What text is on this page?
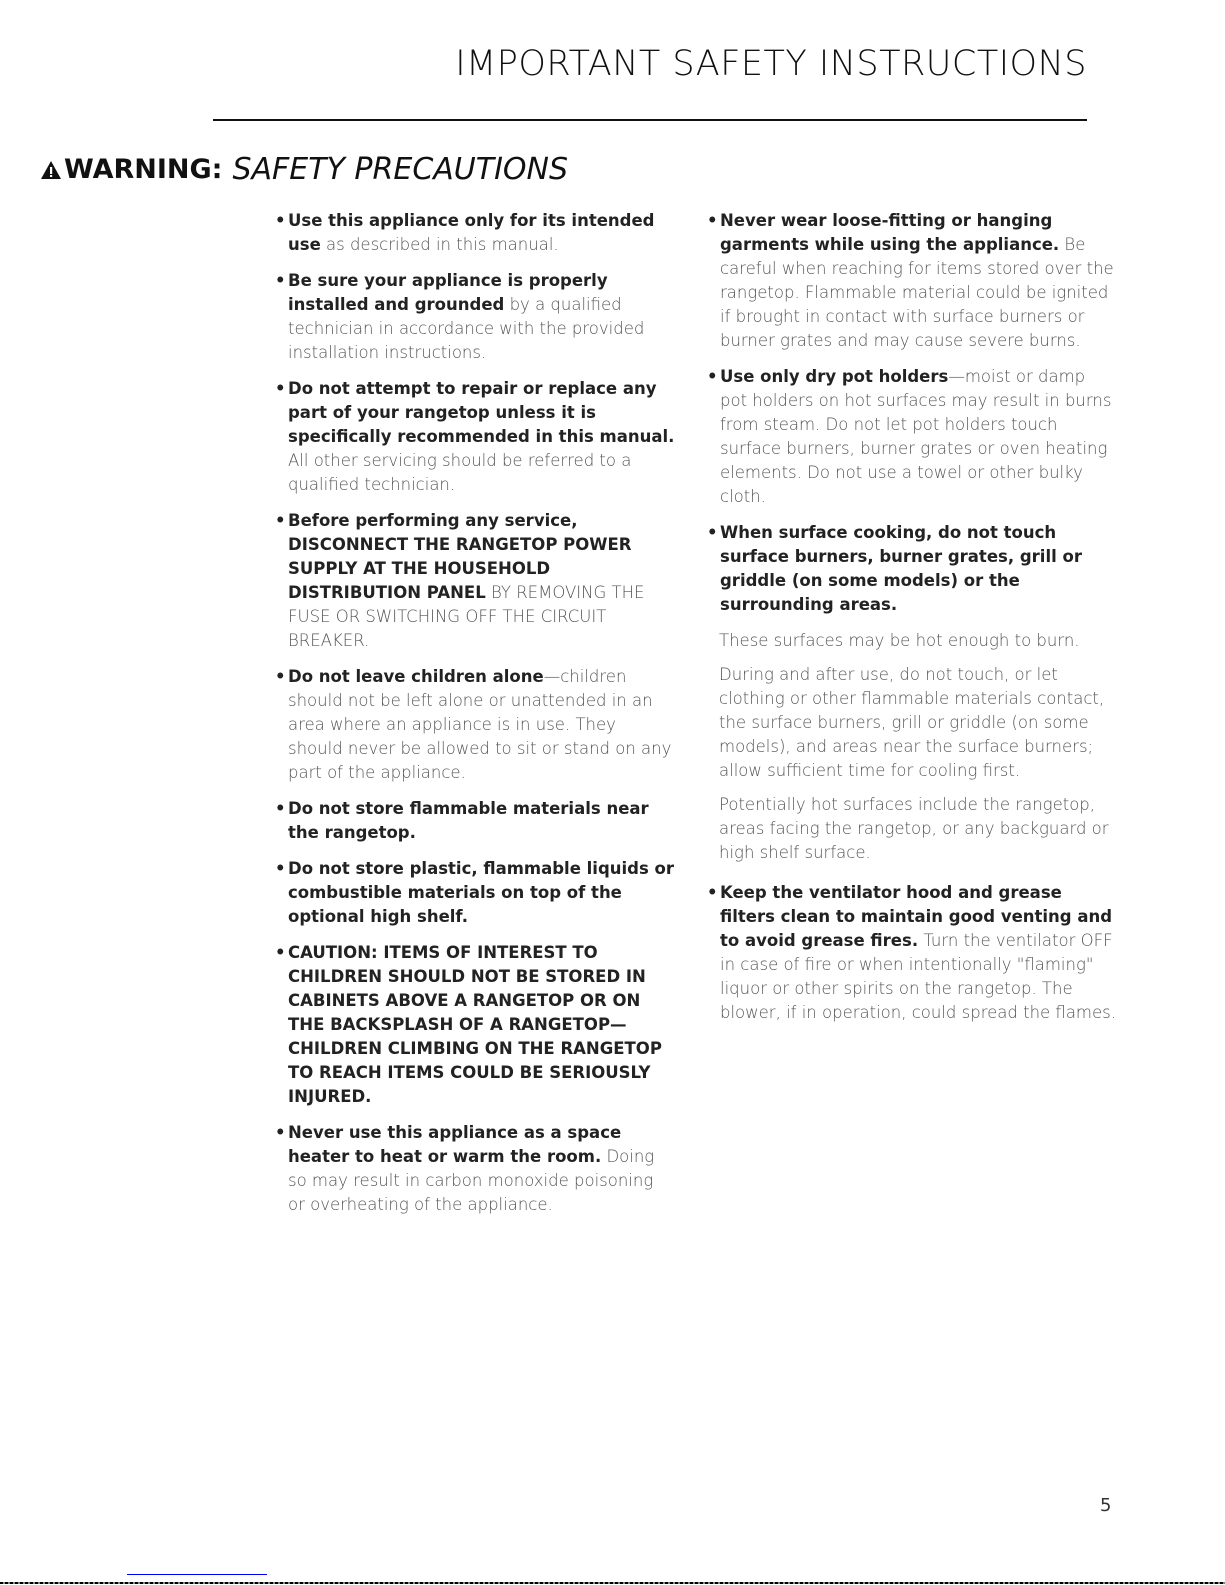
IMPORTANT SAFETY INSTRUCTIONS
WARNING: SAFETY PRECAUTIONS
• Use this appliance only for its intended use as described in this manual.
• Be sure your appliance is properly installed and grounded by a qualified technician in accordance with the provided installation instructions.
• Do not attempt to repair or replace any part of your rangetop unless it is specifically recommended in this manual. All other servicing should be referred to a qualified technician.
• Before performing any service, DISCONNECT THE RANGETOP POWER SUPPLY AT THE HOUSEHOLD DISTRIBUTION PANEL BY REMOVING THE FUSE OR SWITCHING OFF THE CIRCUIT BREAKER.
• Do not leave children alone—children should not be left alone or unattended in an area where an appliance is in use. They should never be allowed to sit or stand on any part of the appliance.
• Do not store flammable materials near the rangetop.
• Do not store plastic, flammable liquids or combustible materials on top of the optional high shelf.
• CAUTION: ITEMS OF INTEREST TO CHILDREN SHOULD NOT BE STORED IN CABINETS ABOVE A RANGETOP OR ON THE BACKSPLASH OF A RANGETOP—CHILDREN CLIMBING ON THE RANGETOP TO REACH ITEMS COULD BE SERIOUSLY INJURED.
• Never use this appliance as a space heater to heat or warm the room. Doing so may result in carbon monoxide poisoning or overheating of the appliance.
• Never wear loose-fitting or hanging garments while using the appliance. Be careful when reaching for items stored over the rangetop. Flammable material could be ignited if brought in contact with surface burners or burner grates and may cause severe burns.
• Use only dry pot holders—moist or damp pot holders on hot surfaces may result in burns from steam. Do not let pot holders touch surface burners, burner grates or oven heating elements. Do not use a towel or other bulky cloth.
• When surface cooking, do not touch surface burners, burner grates, grill or griddle (on some models) or the surrounding areas.
These surfaces may be hot enough to burn.
During and after use, do not touch, or let clothing or other flammable materials contact, the surface burners, grill or griddle (on some models), and areas near the surface burners; allow sufficient time for cooling first.
Potentially hot surfaces include the rangetop, areas facing the rangetop, or any backguard or high shelf surface.
• Keep the ventilator hood and grease filters clean to maintain good venting and to avoid grease fires. Turn the ventilator OFF in case of fire or when intentionally "flaming" liquor or other spirits on the rangetop. The blower, if in operation, could spread the flames.
5
